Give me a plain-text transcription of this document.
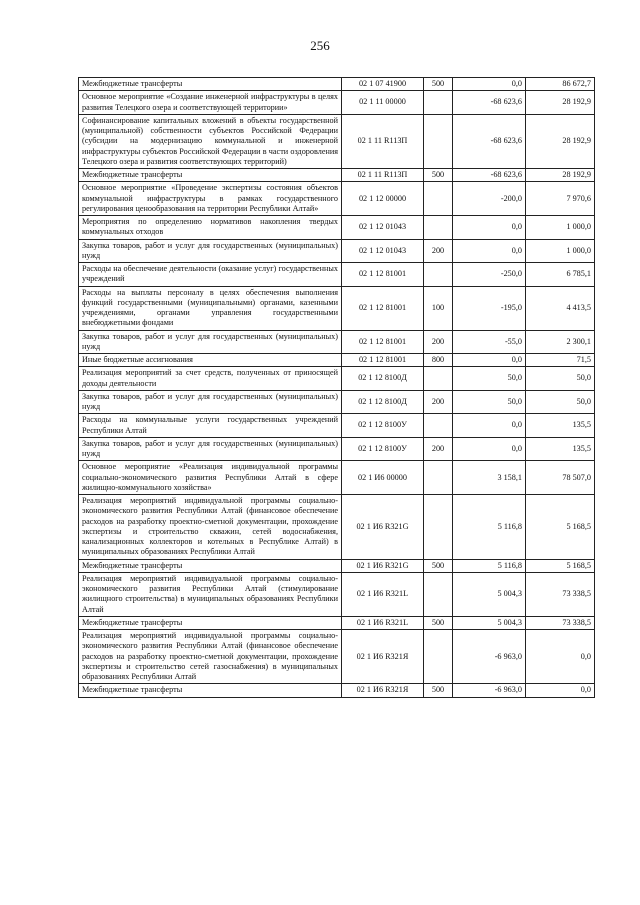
256
Межбюджетные трансферты	02 1 07 41900	500	0,0	86 672,7
Основное мероприятие «Создание инженерной инфраструктуры в целях развития Телецкого озера и соответствующей территории»	02 1 11 00000		-68 623,6	28 192,9
Софинансирование капитальных вложений в объекты государственной (муниципальной) собственности субъектов Российской Федерации (субсидии на модернизацию коммунальной и инженерной инфраструктуры субъектов Российской Федерации в части оздоровления Телецкого озера и развития соответствующих территорий)	02 1 11 R113П		-68 623,6	28 192,9
Межбюджетные трансферты	02 1 11 R113П	500	-68 623,6	28 192,9
Основное мероприятие «Проведение экспертизы состояния объектов коммунальной инфраструктуры в рамках государственного регулирования ценообразования на территории Республики Алтай»	02 1 12 00000		-200,0	7 970,6
Мероприятия по определению нормативов накопления твердых коммунальных отходов	02 1 12 01043		0,0	1 000,0
Закупка товаров, работ и услуг для государственных (муниципальных) нужд	02 1 12 01043	200	0,0	1 000,0
Расходы на обеспечение деятельности (оказание услуг) государственных учреждений	02 1 12 81001		-250,0	6 785,1
Расходы на выплаты персоналу в целях обеспечения выполнения функций государственными (муниципальными) органами, казенными учреждениями, органами управления государственными внебюджетными фондами	02 1 12 81001	100	-195,0	4 413,5
Закупка товаров, работ и услуг для государственных (муниципальных) нужд	02 1 12 81001	200	-55,0	2 300,1
Иные бюджетные ассигнования	02 1 12 81001	800	0,0	71,5
Реализация мероприятий за счет средств, полученных от приносящей доходы деятельности	02 1 12 8100Д		50,0	50,0
Закупка товаров, работ и услуг для государственных (муниципальных) нужд	02 1 12 8100Д	200	50,0	50,0
Расходы на коммунальные услуги государственных учреждений Республики Алтай	02 1 12 8100У		0,0	135,5
Закупка товаров, работ и услуг для государственных (муниципальных) нужд	02 1 12 8100У	200	0,0	135,5
Основное мероприятие «Реализация индивидуальной программы социально-экономического развития Республики Алтай в сфере жилищно-коммунального хозяйства»	02 1 И6 00000		3 158,1	78 507,0
Реализация мероприятий индивидуальной программы социально-экономического развития Республики Алтай (финансовое обеспечение расходов на разработку проектно-сметной документации, прохождение экспертизы и строительство скважин, сетей водоснабжения, канализационных коллекторов и котельных в Республике Алтай) в муниципальных образованиях Республики Алтай	02 1 И6 R321G		5 116,8	5 168,5
Межбюджетные трансферты	02 1 И6 R321G	500	5 116,8	5 168,5
Реализация мероприятий индивидуальной программы социально-экономического развития Республики Алтай (стимулирование жилищного строительства) в муниципальных образованиях Республики Алтай	02 1 И6 R321L		5 004,3	73 338,5
Межбюджетные трансферты	02 1 И6 R321L	500	5 004,3	73 338,5
Реализация мероприятий индивидуальной программы социально-экономического развития Республики Алтай (финансовое обеспечение расходов на разработку проектно-сметной документации, прохождение экспертизы и строительство сетей газоснабжения) в муниципальных образованиях Республики Алтай	02 1 И6 R321Я		-6 963,0	0,0
Межбюджетные трансферты	02 1 И6 R321Я	500	-6 963,0	0,0
